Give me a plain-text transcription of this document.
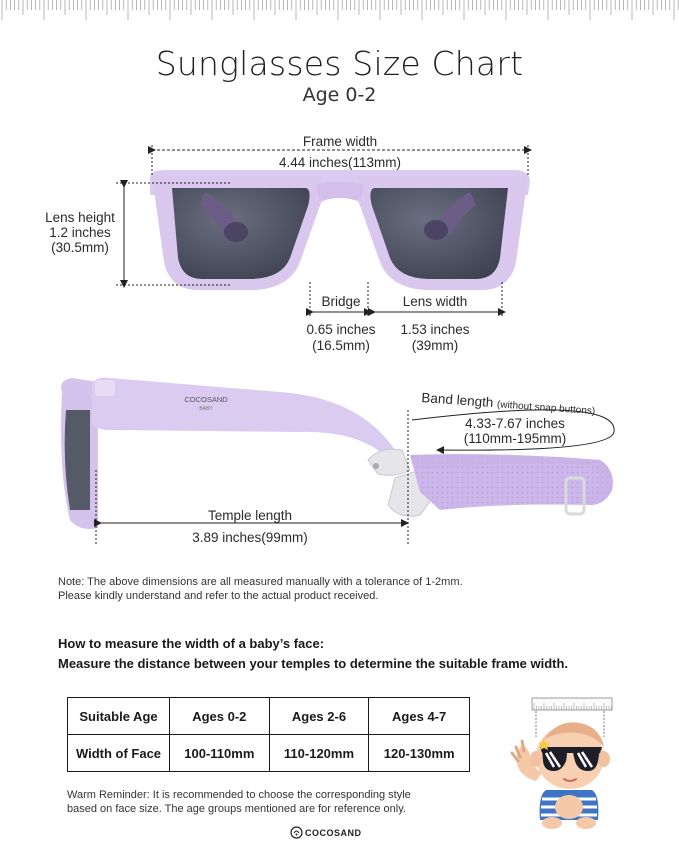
Sunglasses Size Chart
Age 0-2
COCOSAND
BABY
Frame width
4.44 inches(113mm)
Lens height
1.2 inches
(30.5mm)
Bridge
0.65 inches
(16.5mm)
Lens width
1.53 inches
(39mm)
Band length (without snap buttons)
4.33-7.67 inches
(110mm-195mm)
Temple length
3.89 inches(99mm)
Note: The above dimensions are all measured manually with a tolerance of 1-2mm.
Please kindly understand and refer to the actual product received.
How to measure the width of a baby’s face:
Measure the distance between your temples to determine the suitable frame width.
Suitable Age	Ages 0-2	Ages 2-6	Ages 4-7
Width of Face	100-110mm	110-120mm	120-130mm
Warm Reminder: It is recommended to choose the corresponding style
based on face size. The age groups mentioned are for reference only.
COCOSAND
